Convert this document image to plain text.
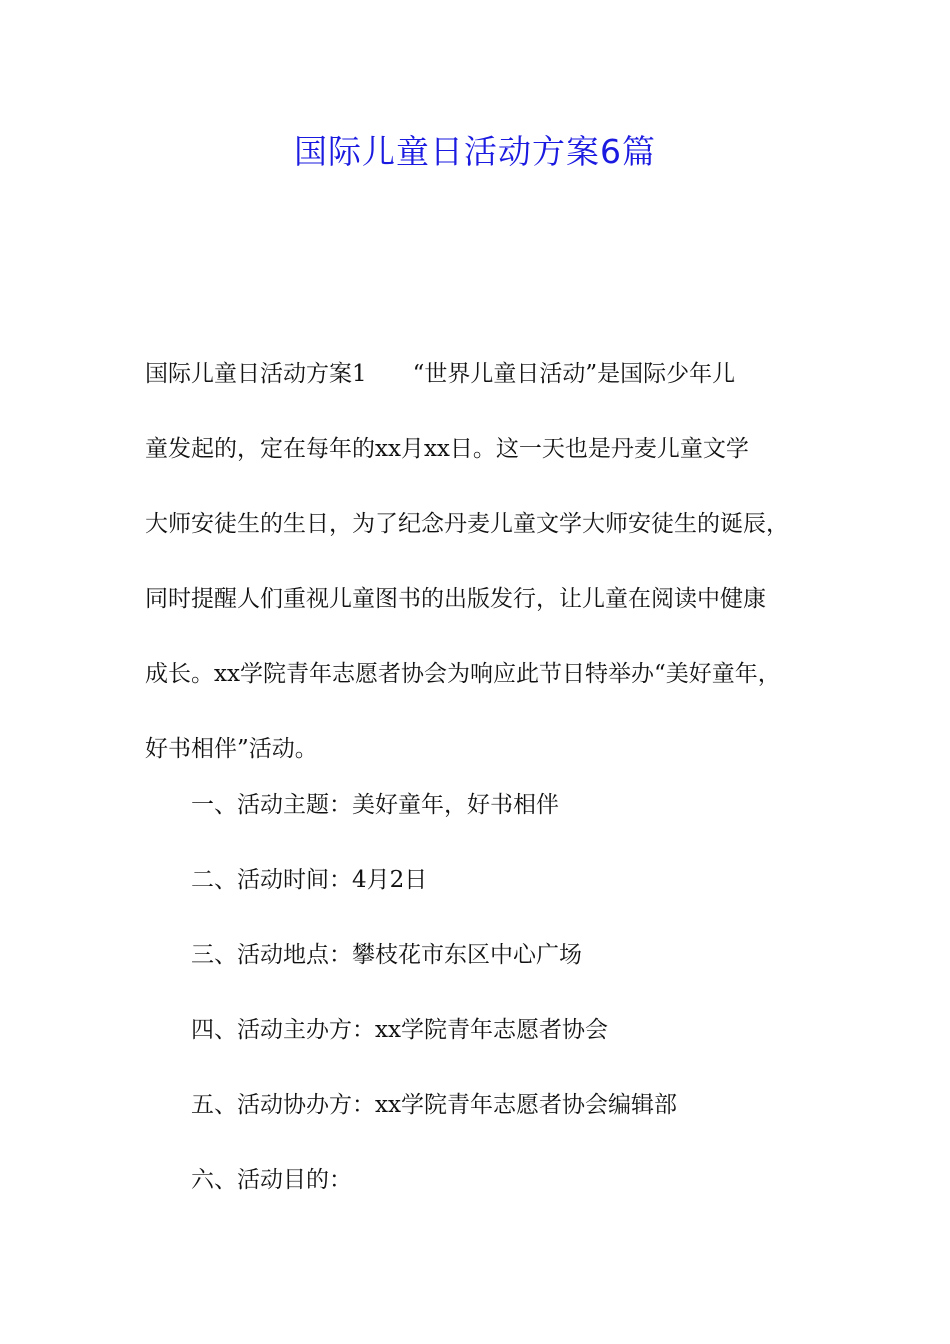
国际儿童日活动方案6篇
国际儿童日活动方案1　　“世界儿童日活动”是国际少年儿
童发起的，定在每年的xx月xx日。这一天也是丹麦儿童文学
大师安徒生的生日，为了纪念丹麦儿童文学大师安徒生的诞辰，
同时提醒人们重视儿童图书的出版发行，让儿童在阅读中健康
成长。xx学院青年志愿者协会为响应此节日特举办“美好童年，
好书相伴”活动。
一、活动主题：美好童年，好书相伴
二、活动时间：4月2日
三、活动地点：攀枝花市东区中心广场
四、活动主办方：xx学院青年志愿者协会
五、活动协办方：xx学院青年志愿者协会编辑部
六、活动目的：
